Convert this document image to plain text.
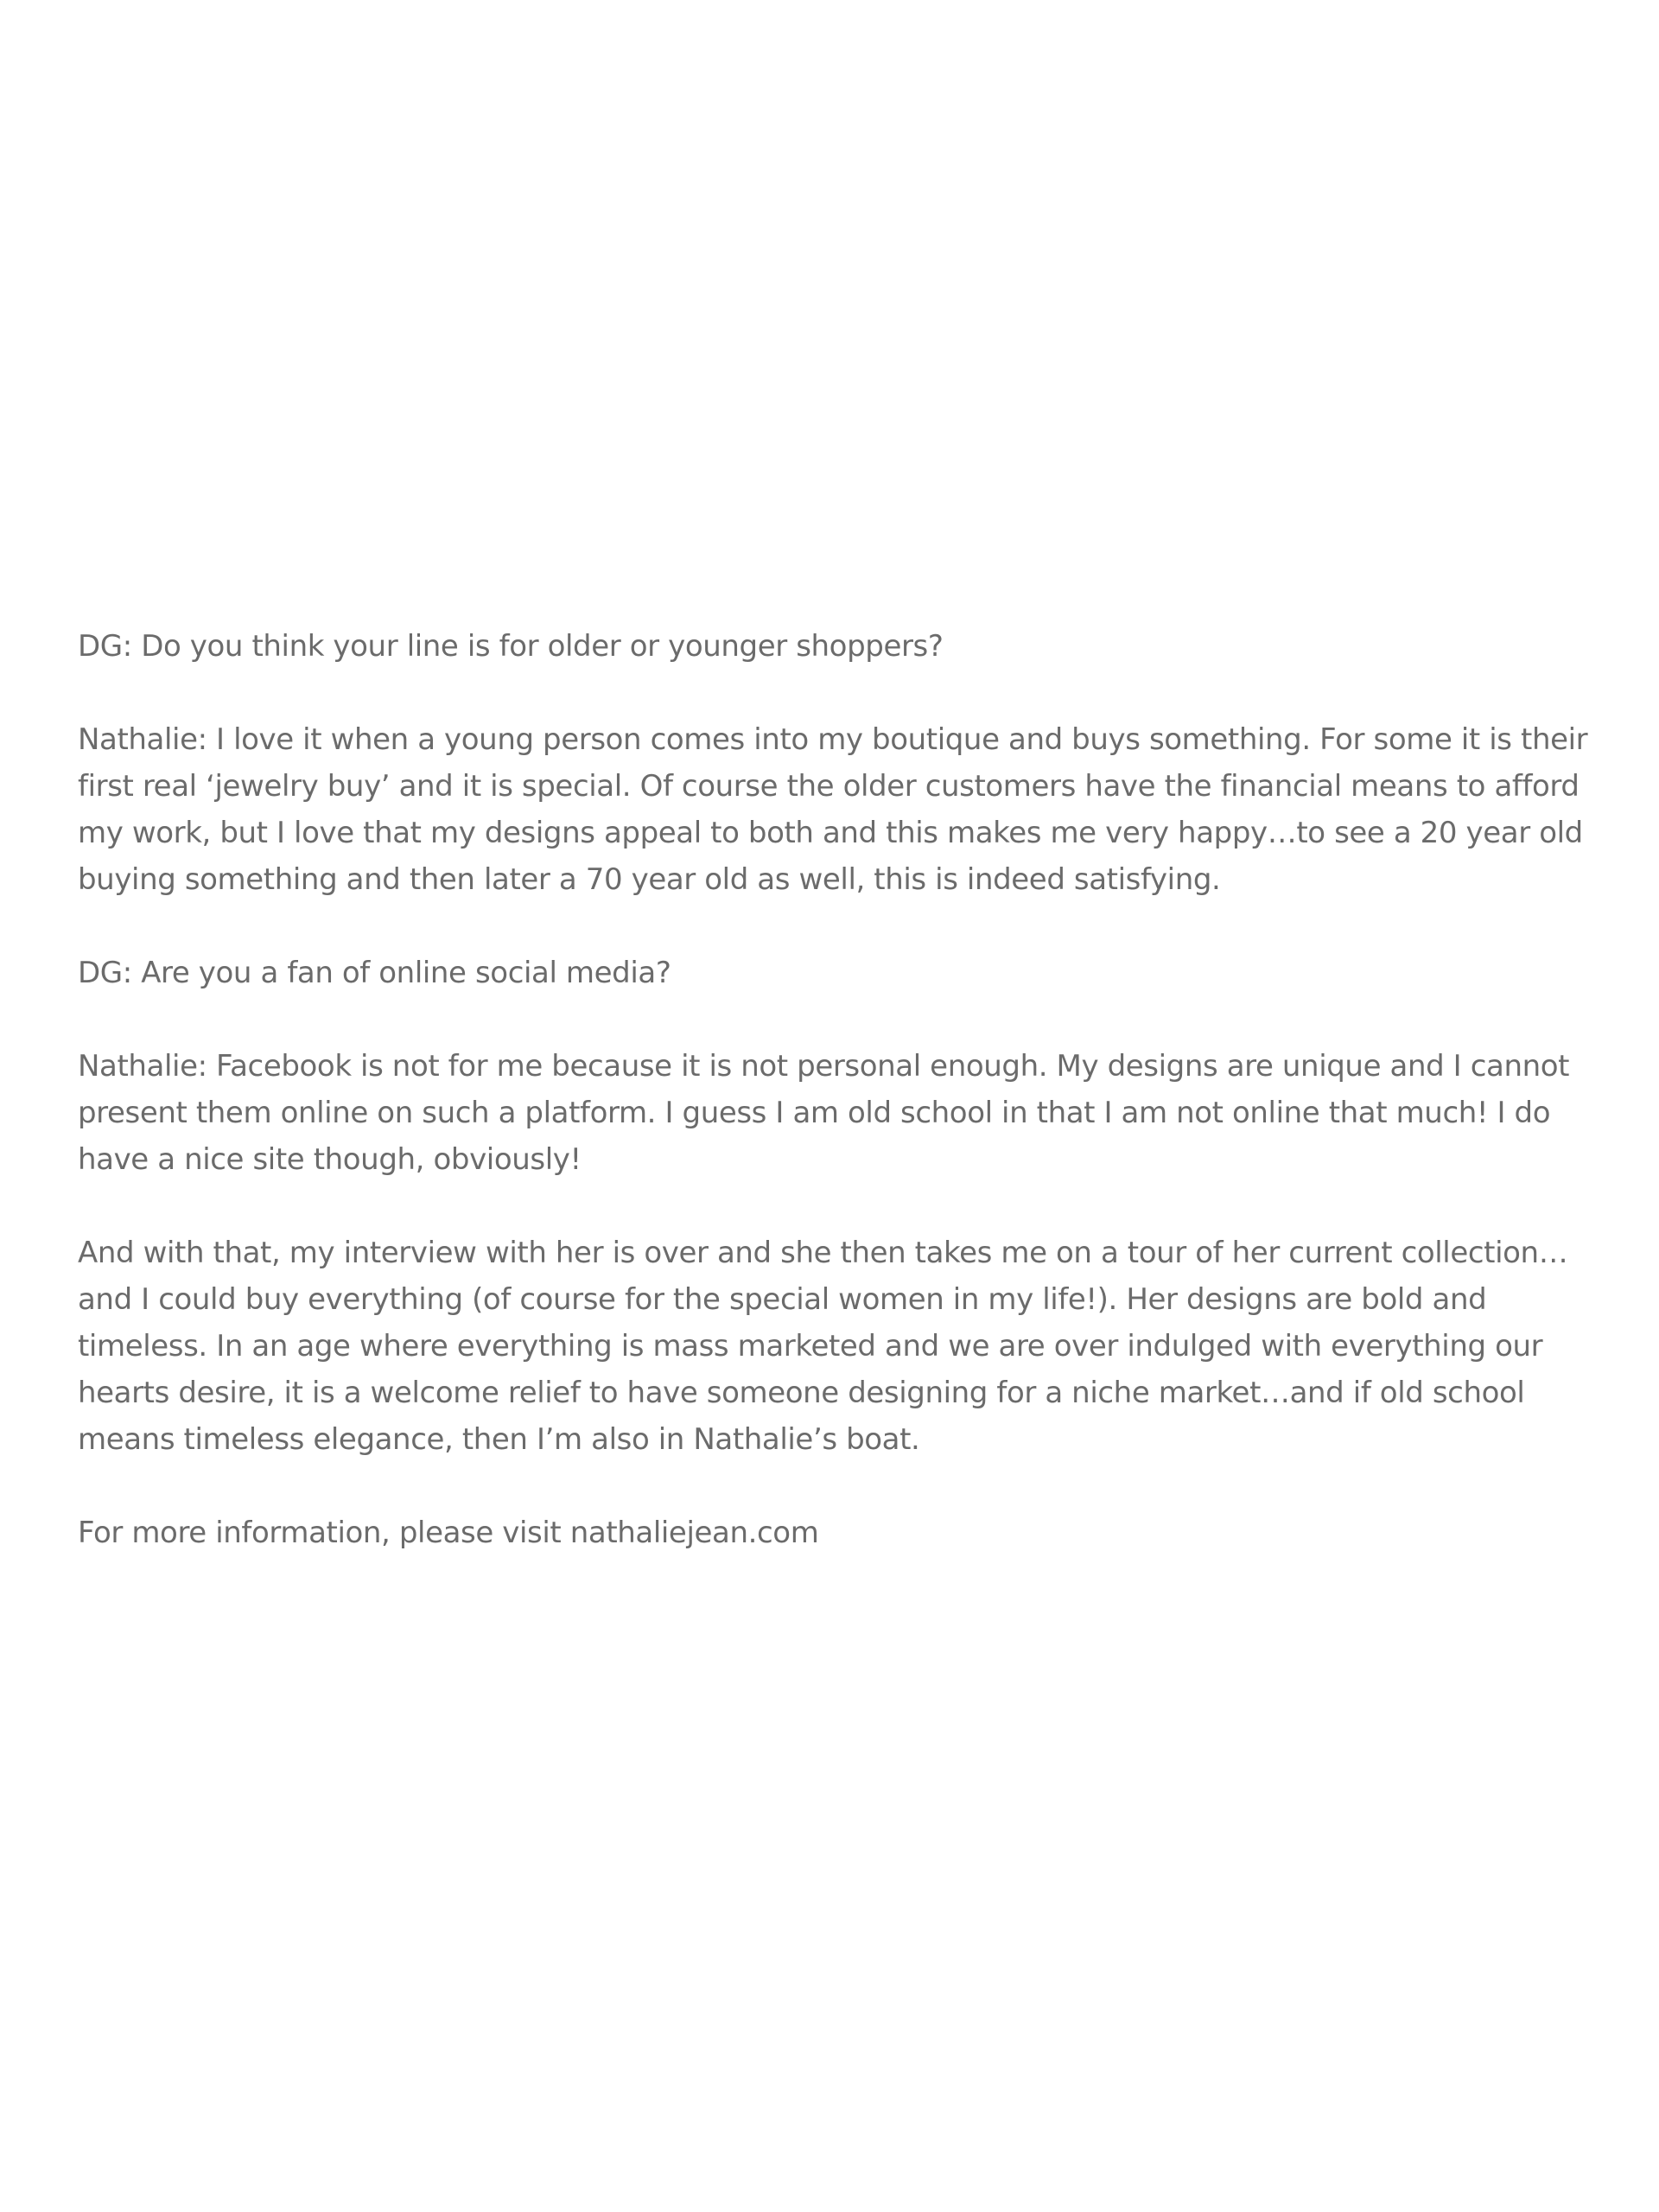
DG: Do you think your line is for older or younger shoppers?

Nathalie: I love it when a young person comes into my boutique and buys something. For some it is their first real ‘jewelry buy’ and it is special. Of course the older customers have the financial means to afford my work, but I love that my designs appeal to both and this makes me very happy…to see a 20 year old buying something and then later a 70 year old as well, this is indeed satisfying.

DG: Are you a fan of online social media?

Nathalie: Facebook is not for me because it is not personal enough. My designs are unique and I cannot present them online on such a platform. I guess I am old school in that I am not online that much! I do have a nice site though, obviously!

And with that, my interview with her is over and she then takes me on a tour of her current collection…and I could buy everything (of course for the special women in my life!). Her designs are bold and timeless. In an age where everything is mass marketed and we are over indulged with everything our hearts desire, it is a welcome relief to have someone designing for a niche market…and if old school means timeless elegance, then I’m also in Nathalie’s boat.

For more information, please visit nathaliejean.com
